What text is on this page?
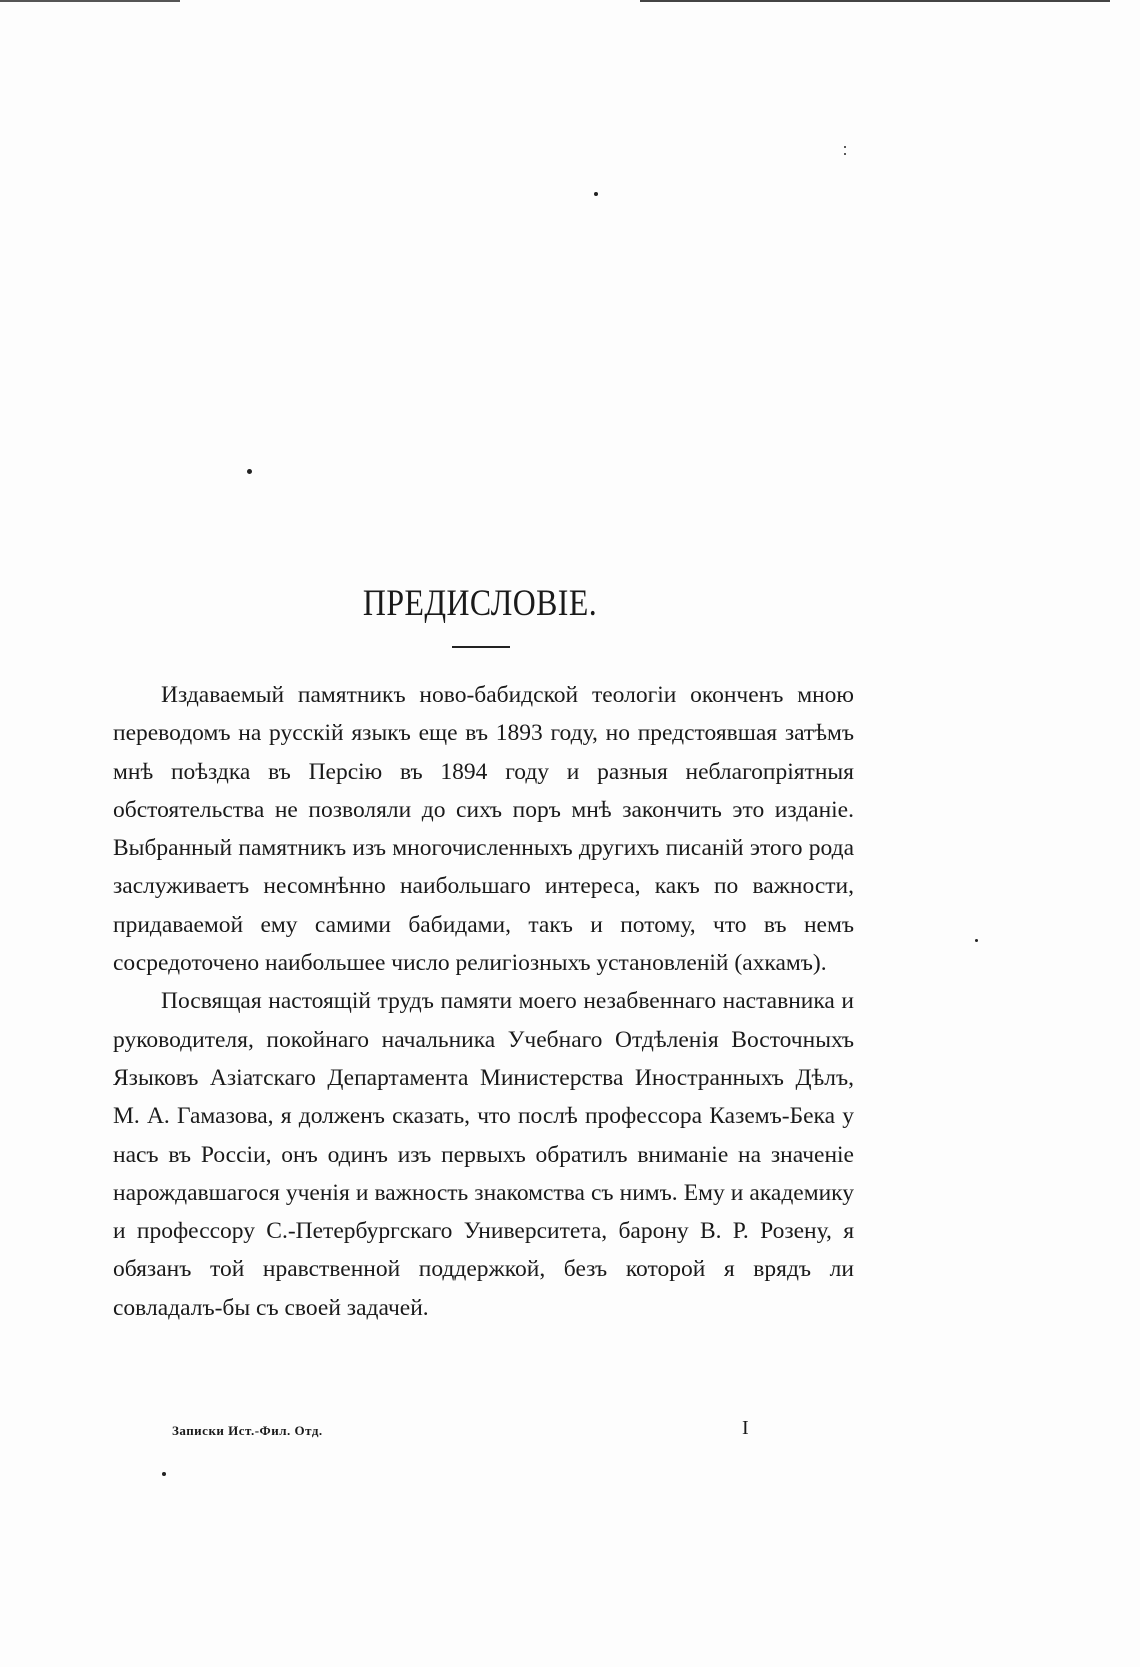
ПРЕДИСЛОВІЕ.

Издаваемый памятникъ ново-бабидской теологіи оконченъ мною переводомъ на русскій языкъ еще въ 1893 году, но предстоявшая затѣмъ мнѣ поѣздка въ Персію въ 1894 году и разныя неблагопріятныя обстоятельства не позволяли до сихъ поръ мнѣ закончить это изданіе. Выбранный памятникъ изъ многочисленныхъ другихъ писаній этого рода заслуживаетъ несомнѣнно наибольшаго интереса, какъ по важности, придаваемой ему самими бабидами, такъ и потому, что въ немъ сосредоточено наибольшее число религіозныхъ установленій (ахкамъ).

Посвящая настоящій трудъ памяти моего незабвеннаго наставника и руководителя, покойнаго начальника Учебнаго Отдѣленія Восточныхъ Языковъ Азіатскаго Департамента Министерства Иностранныхъ Дѣлъ, М. А. Гамазова, я долженъ сказать, что послѣ профессора Каземъ-Бека у насъ въ Россіи, онъ одинъ изъ первыхъ обратилъ вниманіе на значеніе нарождавшагося ученія и важность знакомства съ нимъ. Ему и академику и профессору С.-Петербургскаго Университета, барону В. Р. Розену, я обязанъ той нравственной поддержкой, безъ которой я врядъ ли совладалъ-бы съ своей задачей.

Записки Ист.-Фил. Отд.	I
